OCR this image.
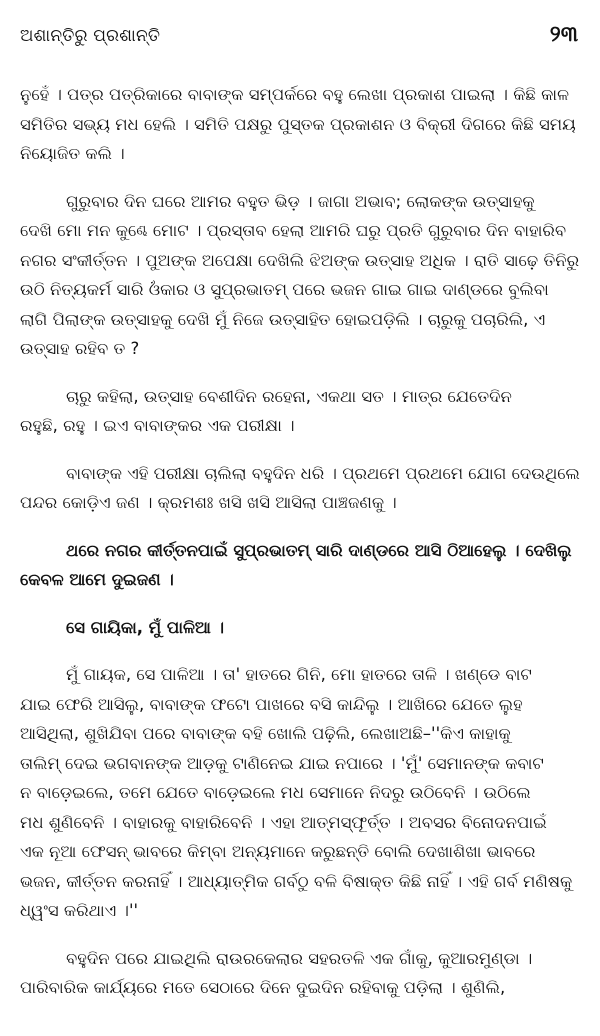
ଅଶାନ୍ତିରୁ ପ୍ରଶାନ୍ତି	୨୩

ନୁହେଁ । ପତ୍ର ପତ୍ରିକାରେ ବାବାଙ୍କ ସମ୍ପର୍କରେ ବହୁ ଲେଖା ପ୍ରକାଶ ପାଇଲା । କିଛି କାଳ
ସମିତିର ସଭ୍ୟ ମଧ ହେଲି । ସମିତି ପକ୍ଷରୁ ପୁସ୍ତକ ପ୍ରକାଶନ ଓ ବିକ୍ରୀ ଦିଗରେ କିଛି ସମୟ
ନିୟୋଜିତ କଲି ।

ଗୁରୁବାର ଦିନ ଘରେ ଆମର ବହୁତ ଭିଡ଼ । ଜାଗା ଅଭାବ; ଲୋକଙ୍କ ଉତ୍ସାହକୁ
ଦେଖି ମୋ ମନ କୁଣ୍ଢେ ମୋଟ । ପ୍ରସ୍ତାବ ହେଲା ଆମରି ଘରୁ ପ୍ରତି ଗୁରୁବାର ଦିନ ବାହାରିବ
ନଗର ସଂକୀର୍ତ୍ତନ । ପୁଅଙ୍କ ଅପେକ୍ଷା ଦେଖିଲି ଝିଅଙ୍କ ଉତ୍ସାହ ଅଧିକ । ରାତି ସାଢ଼େ ତିନିରୁ
ଉଠି ନିତ୍ୟକର୍ମ ସାରି ଓଁକାର ଓ ସୁପ୍ରଭାତମ୍ ପରେ ଭଜନ ଗାଇ ଗାଇ ଦାଣ୍ଡରେ ବୁଲିବା
ଲାଗି ପିଲାଙ୍କ ଉତ୍ସାହକୁ ଦେଖି ମୁଁ ନିଜେ ଉତ୍ସାହିତ ହୋଇପଡ଼ିଲି । ଚାରୁକୁ ପଚାରିଲି, ଏ
ଉତ୍ସାହ ରହିବ ତ ?

ଚାରୁ କହିଲା, ଉତ୍ସାହ ବେଶୀଦିନ ରହେନା, ଏକଥା ସତ । ମାତ୍ର ଯେତେଦିନ
ରହୁଛି, ରହୁ । ଇଏ ବାବାଙ୍କର ଏକ ପରୀକ୍ଷା ।

ବାବାଙ୍କ ଏହି ପରୀକ୍ଷା ଚାଲିଲା ବହୁଦିନ ଧରି । ପ୍ରଥମେ ପ୍ରଥମେ ଯୋଗ ଦେଉଥିଲେ
ପନ୍ଦର କୋଡ଼ିଏ ଜଣ । କ୍ରମଶଃ ଖସି ଖସି ଆସିଲା ପାଞ୍ଚଜଣକୁ ।

ଥରେ ନଗର କୀର୍ତ୍ତନପାଇଁ ସୁପ୍ରଭାତମ୍ ସାରି ଦାଣ୍ଡରେ ଆସି ଠିଆହେଲୁ । ଦେଖିଲୁ
କେବଳ ଆମେ ଦୁଇଜଣ ।

ସେ ଗାୟିକା, ମୁଁ ପାଳିଆ ।

ମୁଁ ଗାୟକ, ସେ ପାଳିଆ । ତା' ହାତରେ ଗିନି, ମୋ ହାତରେ ତାଳି । ଖଣ୍ଡେ ବାଟ
ଯାଇ ଫେରି ଆସିଲୁ, ବାବାଙ୍କ ଫଟୋ ପାଖରେ ବସି କାନ୍ଦିଲୁ । ଆଖିରେ ଯେତେ ଲୁହ
ଆସିଥିଲା, ଶୁଖିଯିବା ପରେ ବାବାଙ୍କ ବହି ଖୋଲି ପଢ଼ିଲି, ଲେଖାଅଛି–''କିଏ କାହାକୁ
ତାଲିମ୍ ଦେଇ ଭଗବାନଙ୍କ ଆଡ଼କୁ ଟାଣିନେଇ ଯାଇ ନପାରେ । 'ମୁଁ' ସେମାନଙ୍କ କବାଟ
ନ ବାଡ଼େଇଲେ, ତମେ ଯେତେ ବାଡ଼େଇଲେ ମଧ ସେମାନେ ନିଦରୁ ଉଠିବେନି । ଉଠିଲେ
ମଧ ଶୁଣିବେନି । ବାହାରକୁ ବାହାରିବେନି । ଏହା ଆତ୍ମସ୍ଫୂର୍ତ୍ତ । ଅବସର ବିନୋଦନପାଇଁ
ଏକ ନୂଆ ଫେସନ୍ ଭାବରେ କିମ୍ବା ଅନ୍ୟମାନେ କରୁଛନ୍ତି ବୋଲି ଦେଖାଶିଖା ଭାବରେ
ଭଜନ, କୀର୍ତ୍ତନ କରନାହିଁ । ଆଧ୍ୟାତ୍ମିକ ଗର୍ବଠୁ ବଳି ବିଷାକ୍ତ କିଛି ନାହିଁ । ଏହି ଗର୍ବ ମଣିଷକୁ
ଧ୍ୱଂସ କରିଥାଏ ।''

ବହୁଦିନ ପରେ ଯାଇଥିଲି ରାଉରକେଲାର ସହରତଳି ଏକ ଗାଁକୁ, କୁଆରମୁଣ୍ଡା ।
ପାରିବାରିକ କାର୍ଯ୍ୟରେ ମତେ ସେଠାରେ ଦିନେ ଦୁଇଦିନ ରହିବାକୁ ପଡ଼ିଲା । ଶୁଣିଲି,
